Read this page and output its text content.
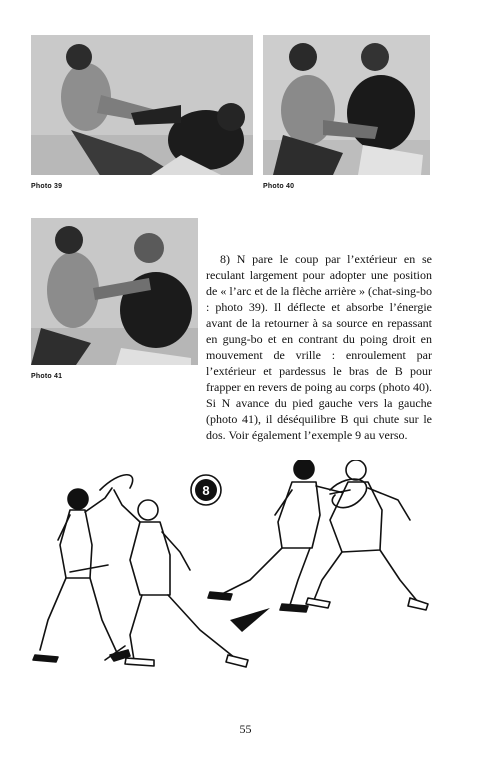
Photo 39	Photo 40
Photo 41

8) N pare le coup par l’extérieur en se reculant largement pour adopter une position de « l’arc et de la flèche arrière » (chat-sing-bo : photo 39). Il déflecte et absorbe l’énergie avant de la retourner à sa source en repassant en gung-bo et en contrant du poing droit en mouvement de vrille : enroulement par l’extérieur et pardessus le bras de B pour frapper en revers de poing au corps (photo 40). Si N avance du pied gauche vers la gauche (photo 41), il déséquilibre B qui chute sur le dos. Voir également l’exemple 9 au verso.

8
55
